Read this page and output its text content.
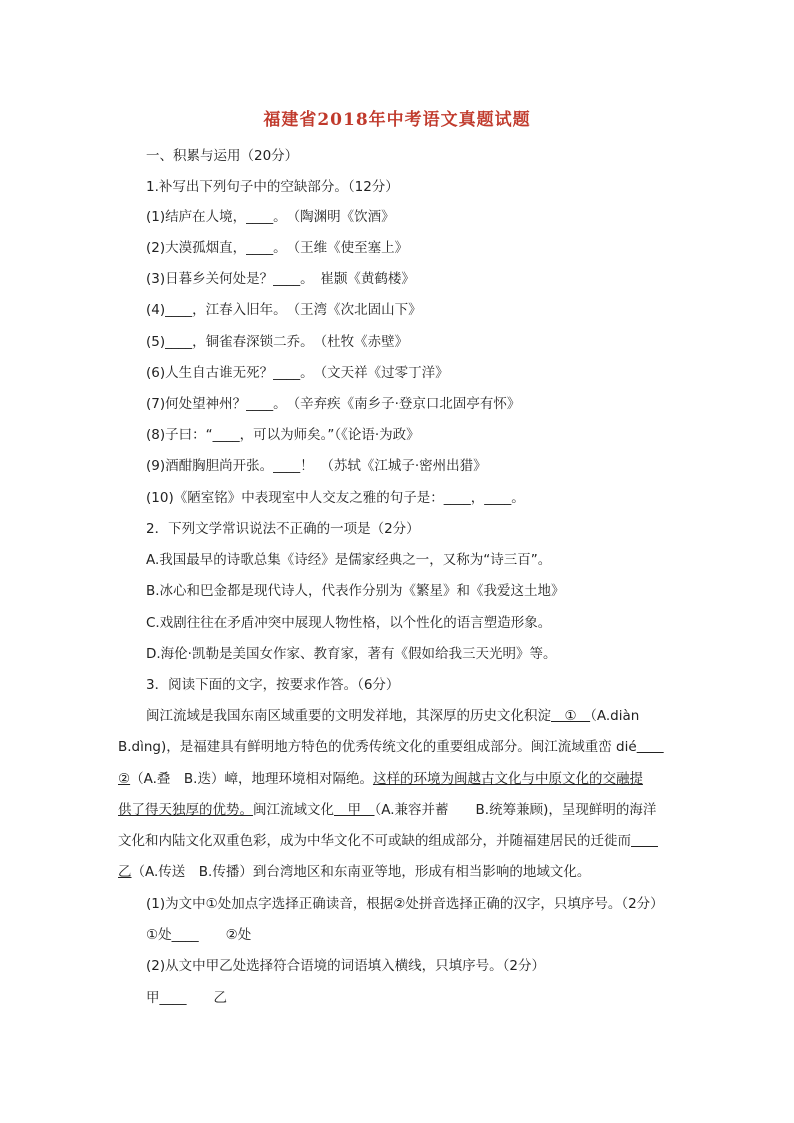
福建省2018年中考语文真题试题
一、积累与运用（20分）
1.补写出下列句子中的空缺部分。（12分）
(1)结庐在人境，____。　（陶渊明《饮酒》
(2)大漠孤烟直，____。　（王维《使至塞上》
(3)日暮乡关何处是？____。　崔颢《黄鹤楼》
(4)____，江春入旧年。　（王湾《次北固山下》
(5)____，铜雀春深锁二乔。　（杜牧《赤壁》
(6)人生自古谁无死？____。　（文天祥《过零丁洋》
(7)何处望神州？____。　（辛弃疾《南乡子·登京口北固亭有怀》
(8)子曰：“____，可以为师矣。”（《论语·为政》
(9)酒酣胸胆尚开张。____！　（苏轼《江城子·密州出猎》
(10)《陋室铭》中表现室中人交友之雅的句子是：____，____。
2．下列文学常识说法不正确的一项是（2分）
A.我国最早的诗歌总集《诗经》是儒家经典之一，又称为“诗三百”。
B.冰心和巴金都是现代诗人，代表作分别为《繁星》和《我爱这土地》
C.戏剧往往在矛盾冲突中展现人物性格，以个性化的语言塑造形象。
D.海伦·凯勒是美国女作家、教育家，著有《假如给我三天光明》等。
3．阅读下面的文字，按要求作答。（6分）
闽江流域是我国东南区域重要的文明发祥地，其深厚的历史文化积淀　①　（A.diàn
B.dìng)，是福建具有鲜明地方特色的优秀传统文化的重要组成部分。闽江流域重峦 dié　　
②（A.叠　B.迭）嶂，地理环境相对隔绝。这样的环境为闽越古文化与中原文化的交融提
供了得天独厚的优势。闽江流域文化　甲　（A.兼容并蓄　　B.统筹兼顾)，呈现鲜明的海洋
文化和内陆文化双重色彩，成为中华文化不可或缺的组成部分，并随福建居民的迁徙而　　
乙（A.传送　B.传播）到台湾地区和东南亚等地，形成有相当影响的地域文化。
(1)为文中①处加点字选择正确读音，根据②处拼音选择正确的汉字，只填序号。（2分）
①处____　　②处
(2)从文中甲乙处选择符合语境的词语填入横线，只填序号。（2分）
甲____　　乙
